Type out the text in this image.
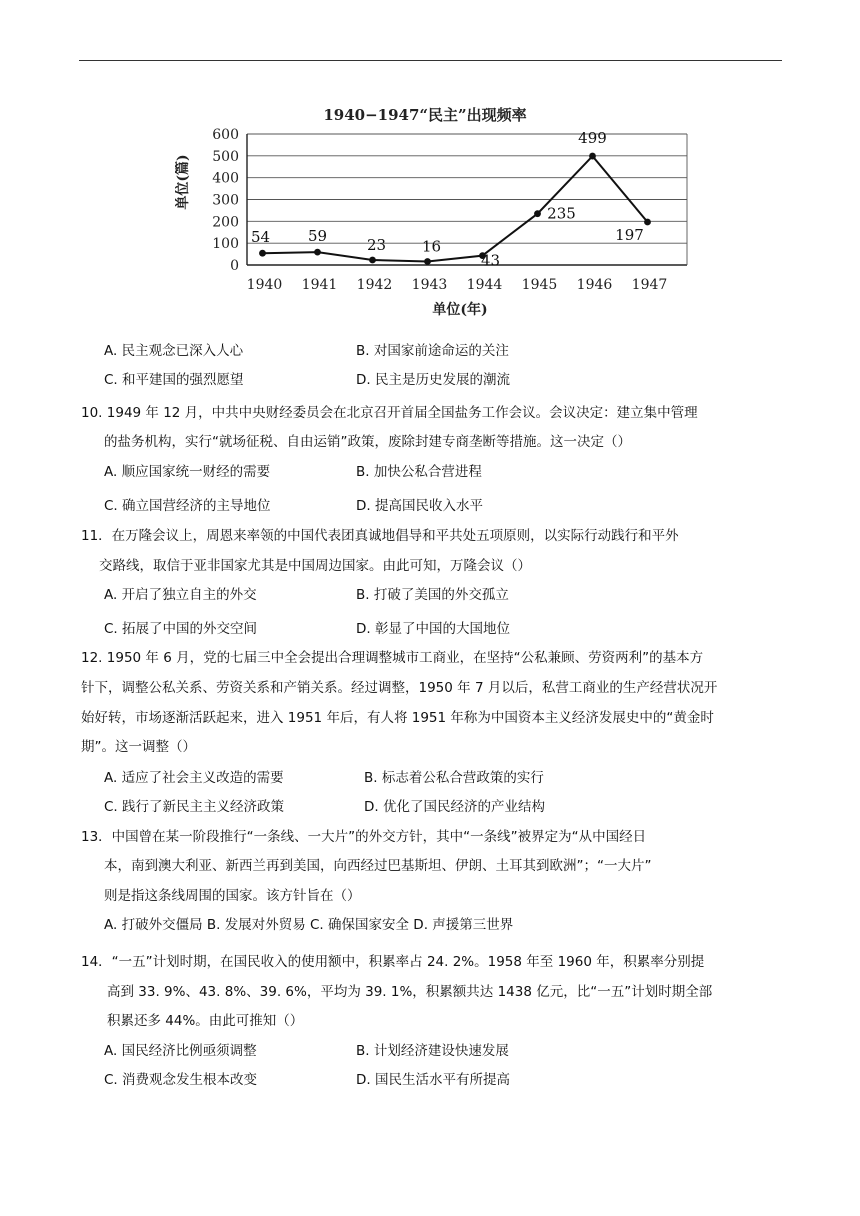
1940−1947“民主”出现频率
0
100
200
300
400
500
600
1940 1941 1942 1943 1944 1945 1946 1947
54	59	23 16
43
235
499
197
单位(篇)
单位(年)
A. 民主观念已深入人心	B. 对国家前途命运的关注
C. 和平建国的强烈愿望	D. 民主是历史发展的潮流
10. 1949 年 12 月，中共中央财经委员会在北京召开首届全国盐务工作会议。会议决定：建立集中管理
的盐务机构，实行“就场征税、自由运销”政策，废除封建专商垄断等措施。这一决定（）
A. 顺应国家统一财经的需要	B. 加快公私合营进程
C. 确立国营经济的主导地位	D. 提高国民收入水平
11．在万隆会议上，周恩来率领的中国代表团真诚地倡导和平共处五项原则，以实际行动践行和平外
交路线，取信于亚非国家尤其是中国周边国家。由此可知，万隆会议（）
A. 开启了独立自主的外交	B. 打破了美国的外交孤立
C. 拓展了中国的外交空间	D. 彰显了中国的大国地位
12. 1950 年 6 月，党的七届三中全会提出合理调整城市工商业，在坚持“公私兼顾、劳资两利”的基本方
针下，调整公私关系、劳资关系和产销关系。经过调整，1950 年 7 月以后，私营工商业的生产经营状况开
始好转，市场逐渐活跃起来，进入 1951 年后，有人将 1951 年称为中国资本主义经济发展史中的“黄金时
期”。这一调整（）
A. 适应了社会主义改造的需要	B. 标志着公私合营政策的实行
C. 践行了新民主主义经济政策	D. 优化了国民经济的产业结构
13．中国曾在某一阶段推行“一条线、一大片”的外交方针，其中“一条线”被界定为“从中国经日
本，南到澳大利亚、新西兰再到美国，向西经过巴基斯坦、伊朗、土耳其到欧洲”；“一大片”
则是指这条线周围的国家。该方针旨在（）
A. 打破外交僵局 B. 发展对外贸易 C. 确保国家安全 D. 声援第三世界
14．“一五”计划时期，在国民收入的使用额中，积累率占 24. 2%。1958 年至 1960 年，积累率分别提
高到 33. 9%、43. 8%、39. 6%，平均为 39. 1%，积累额共达 1438 亿元，比“一五”计划时期全部
积累还多 44%。由此可推知（）
A. 国民经济比例亟须调整	B. 计划经济建设快速发展
C. 消费观念发生根本改变	D. 国民生活水平有所提高
